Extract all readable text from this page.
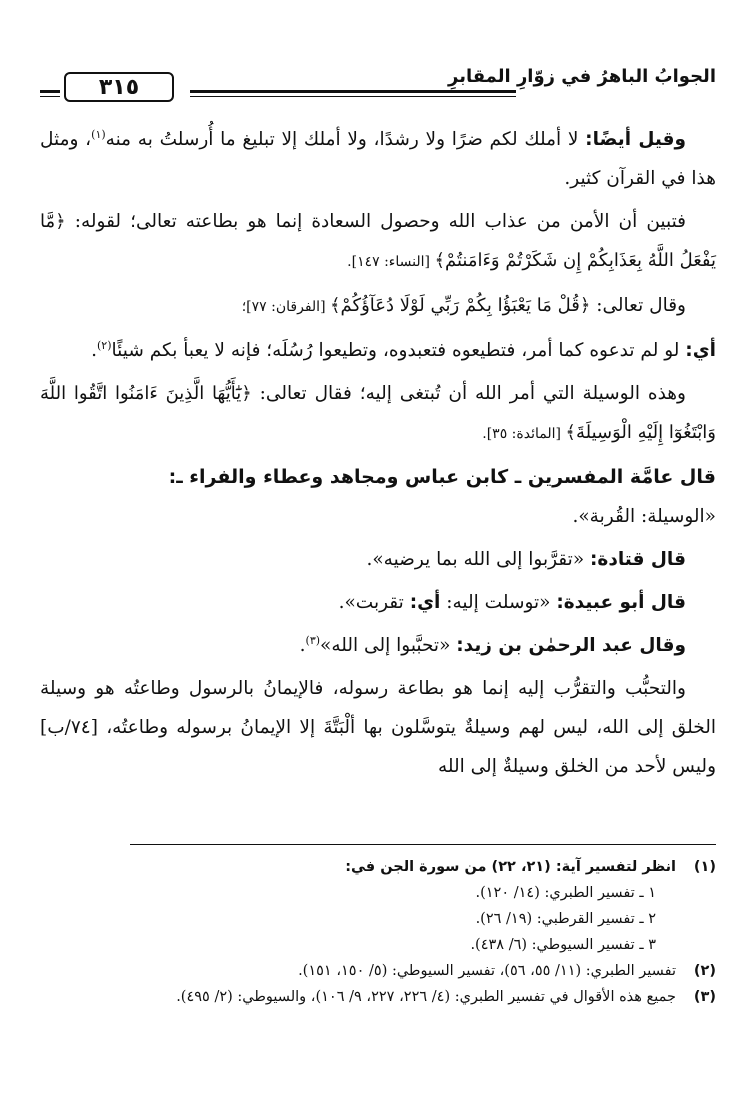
الجوابُ الباهرُ في زوّارِ المقابرِ
٣١٥

وقيل أيضًا: لا أملك لكم ضرًا ولا رشدًا، ولا أملك إلا تبليغ ما أُرسلتُ به منه$^{(١)}$، ومثل هذا في القرآن كثير.

فتبين أن الأمن من عذاب الله وحصول السعادة إنما هو بطاعته تعالى؛ لقوله: ﴿مَّا يَفْعَلُ اللَّهُ بِعَذَابِكُمْ إِن شَكَرْتُمْ وَءَامَنتُمْ﴾ [النساء: ١٤٧].

وقال تعالى: ﴿قُلْ مَا يَعْبَؤُا بِكُمْ رَبِّي لَوْلَا دُعَآؤُكُمْ﴾ [الفرقان: ٧٧]؛

أي: لو لم تدعوه كما أمر، فتطيعوه فتعبدوه، وتطيعوا رُسُلَه؛ فإنه لا يعبأ بكم شيئًا$^{(٢)}$.

وهذه الوسيلة التي أمر الله أن تُبتغى إليه؛ فقال تعالى: ﴿يَٰٓأَيُّهَا الَّذِينَ ءَامَنُوا اتَّقُوا اللَّهَ وَابْتَغُوٓا إِلَيْهِ الْوَسِيلَةَ﴾ [المائدة: ٣٥].

قال عامَّة المفسرين ـ كابن عباس ومجاهد وعطاء والفراء ـ:
«الوسيلة: القُربة».

قال قتادة: «تقرَّبوا إلى الله بما يرضيه».

قال أبو عبيدة: «توسلت إليه: أي: تقربت».

وقال عبد الرحمٰن بن زيد: «تحبَّبوا إلى الله»$^{(٣)}$.

والتحبُّب والتقرُّب إليه إنما هو بطاعة رسوله، فالإيمانُ بالرسول وطاعتُه هو وسيلة الخلق إلى الله، ليس لهم وسيلةٌ يتوسَّلون بها ألْبَتَّةَ إلا الإيمانُ برسوله وطاعتُه، [٧٤/ب] وليس لأحد من الخلق وسيلةٌ إلى الله

(١)
انظر لتفسير آية: (٢١، ٢٢) من سورة الجن في:
١ ـ تفسير الطبري: (١٤/ ١٢٠).
٢ ـ تفسير القرطبي: (١٩/ ٢٦).
٣ ـ تفسير السيوطي: (٦/ ٤٣٨).
(٢)
تفسير الطبري: (١١/ ٥٥، ٥٦)، تفسير السيوطي: (٥/ ١٥٠، ١٥١).
(٣)
جميع هذه الأقوال في تفسير الطبري: (٤/ ٢٢٦، ٢٢٧، ٩/ ١٠٦)، والسيوطي: (٢/ ٤٩٥).
